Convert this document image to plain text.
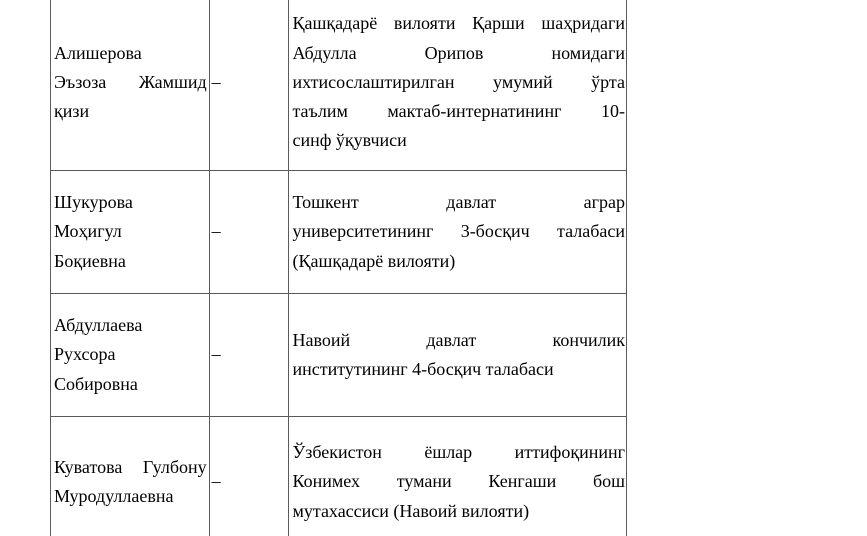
Алишерова
Эъзоза Жамшид
қизи	–	Қашқадарё вилояти Қарши шаҳридаги
Абдулла Орипов номидаги
ихтисослаштирилган умумий ўрта
таълим мактаб-интернатининг 10-
синф ўқувчиси

Шукурова
Моҳигул
Боқиевна	–	Тошкент давлат аграр
университетининг 3-босқич талабаси
(Қашқадарё вилояти)

Абдуллаева
Рухсора
Собировна	–	Навоий давлат кончилик
институтининг 4-босқич талабаси

Куватова Гулбону
Муродуллаевна	–	Ўзбекистон ёшлар иттифоқининг
Конимех тумани Кенгаши бош
мутахассиси (Навоий вилояти)
